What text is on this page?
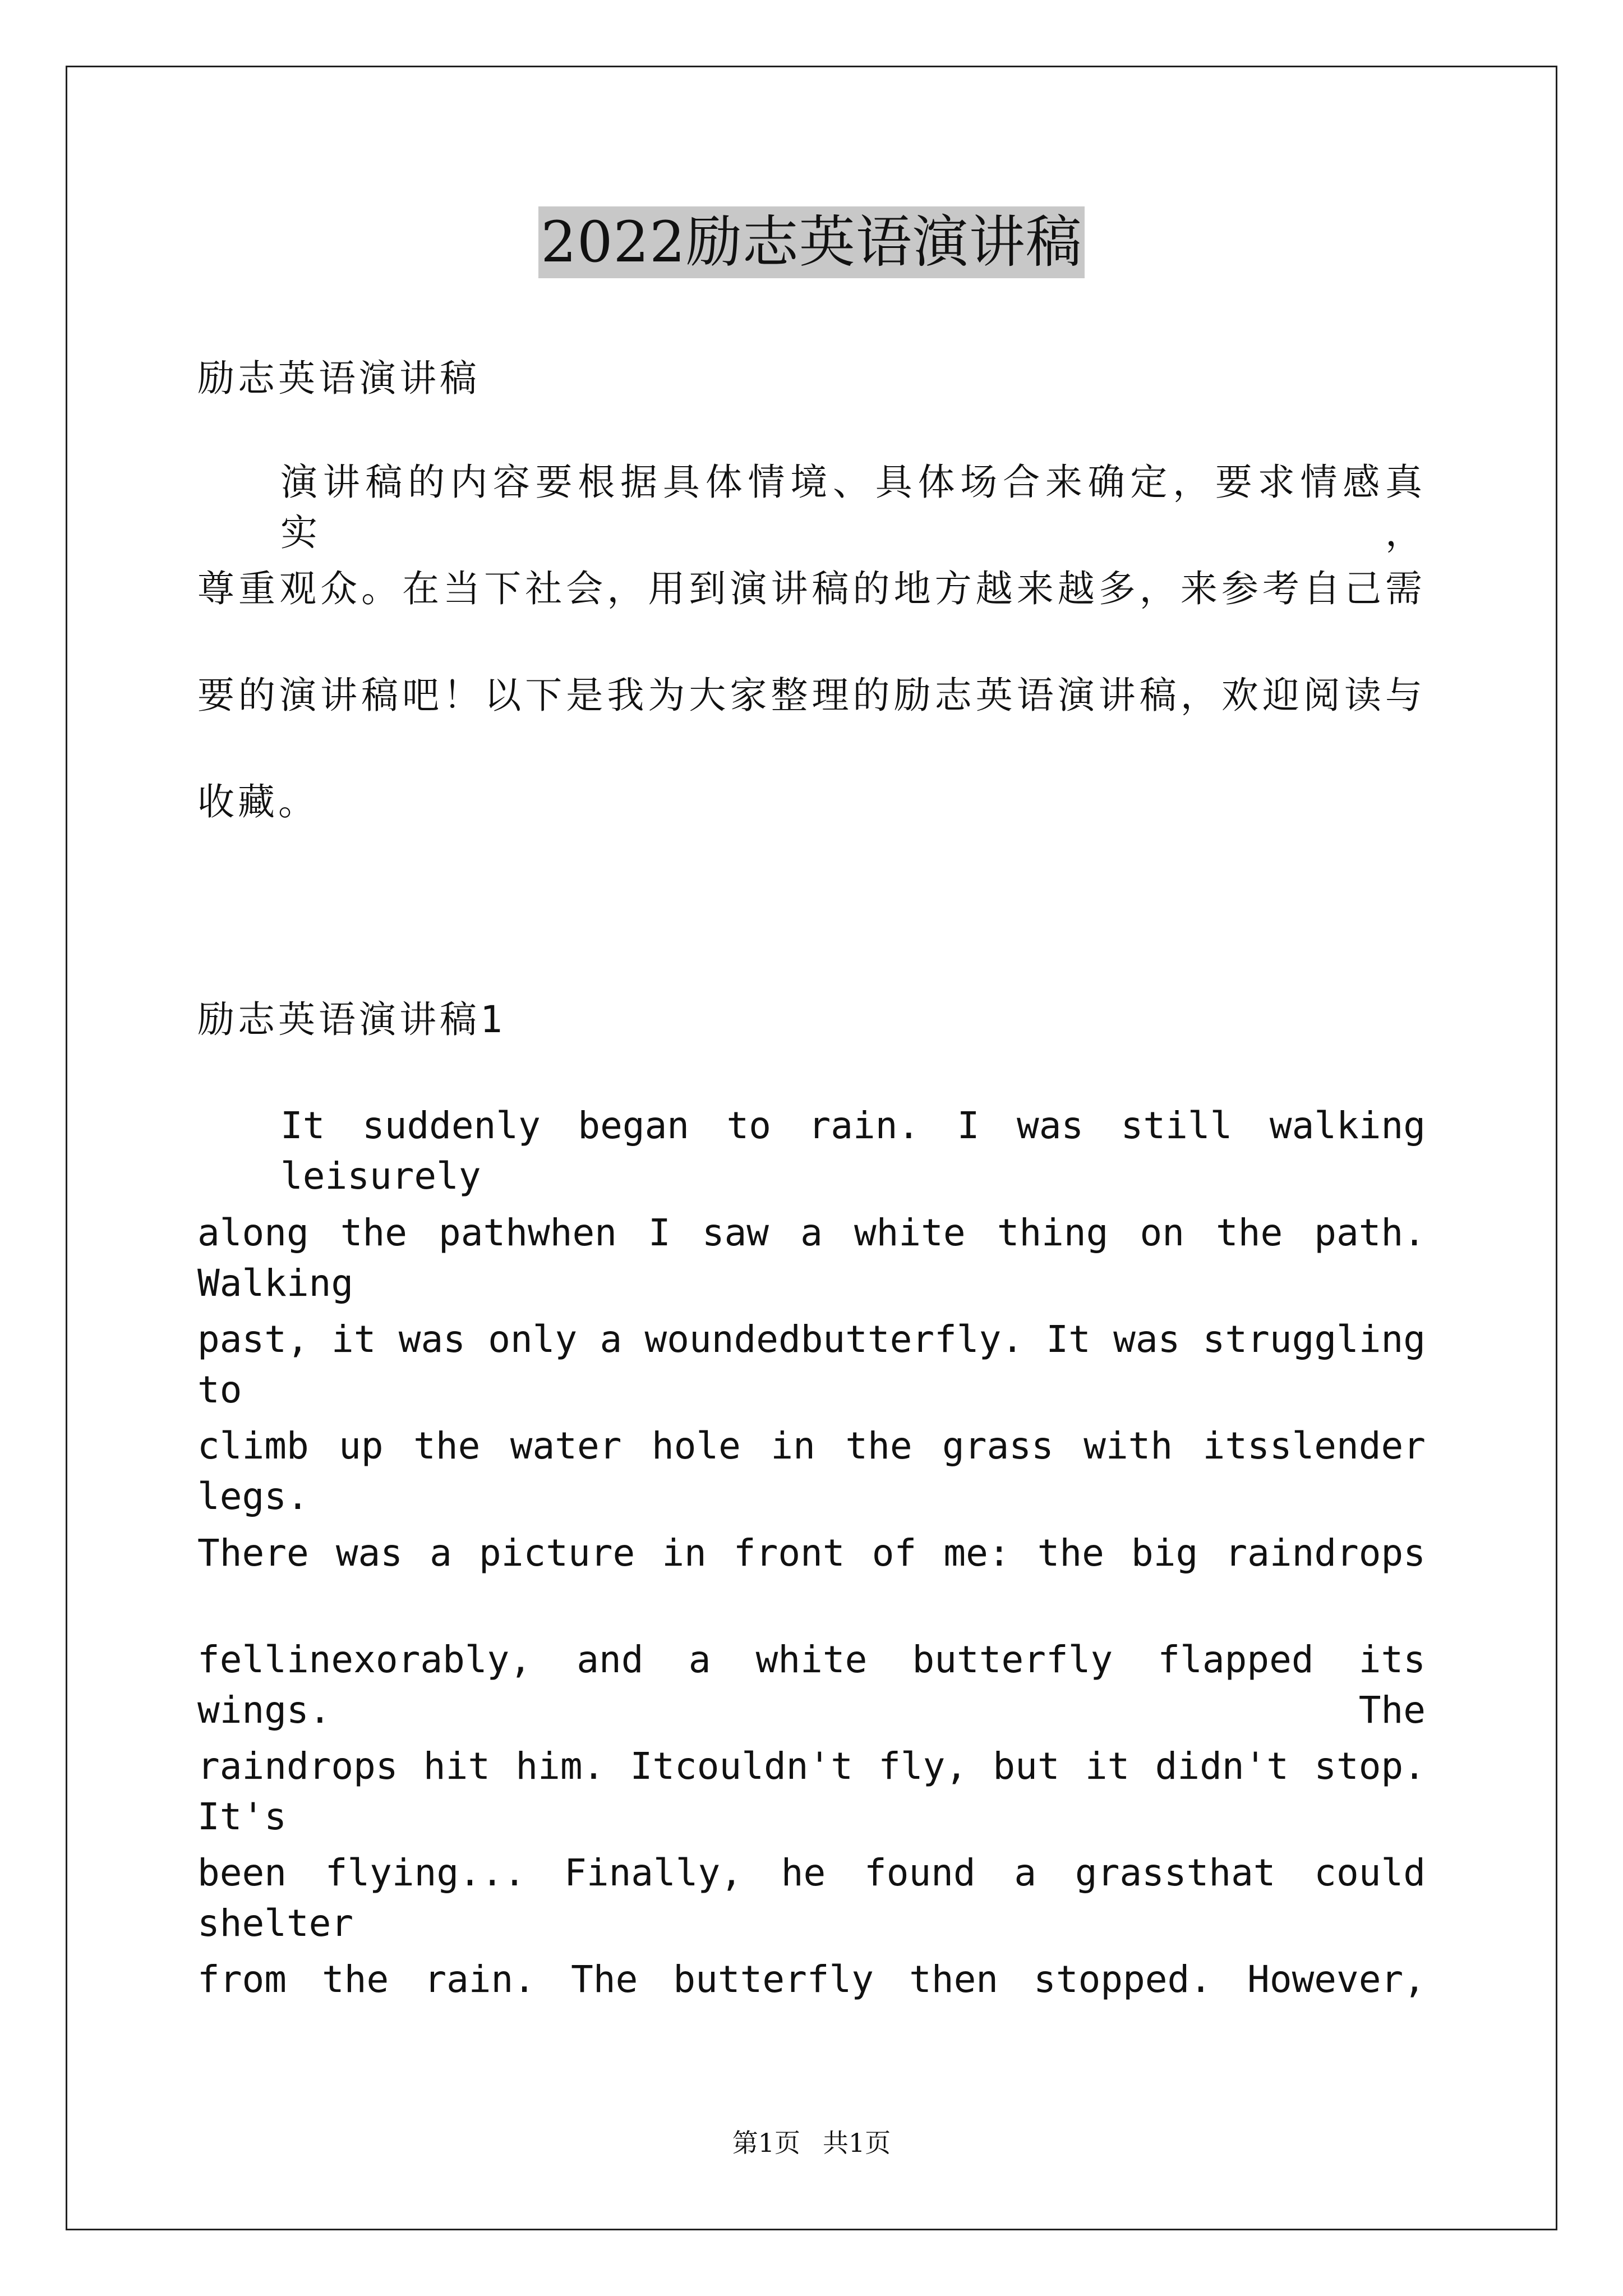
2022励志英语演讲稿
励志英语演讲稿
演讲稿的内容要根据具体情境、具体场合来确定，要求情感真实，
尊重观众。在当下社会，用到演讲稿的地方越来越多，来参考自己需
要的演讲稿吧！以下是我为大家整理的励志英语演讲稿，欢迎阅读与
收藏。
励志英语演讲稿1
It suddenly began to rain. I was still walking leisurely
along the pathwhen I saw a white thing on the path. Walking
past, it was only a woundedbutterfly. It was struggling to
climb up the water hole in the grass with itsslender legs.
There was a picture in front of me: the big raindrops
fellinexorably, and a white butterfly flapped its wings. The
raindrops hit him. Itcouldn't fly, but it didn't stop. It's
been flying... Finally, he found a grassthat could shelter
from the rain. The butterfly then stopped. However,
第1页 共1页
